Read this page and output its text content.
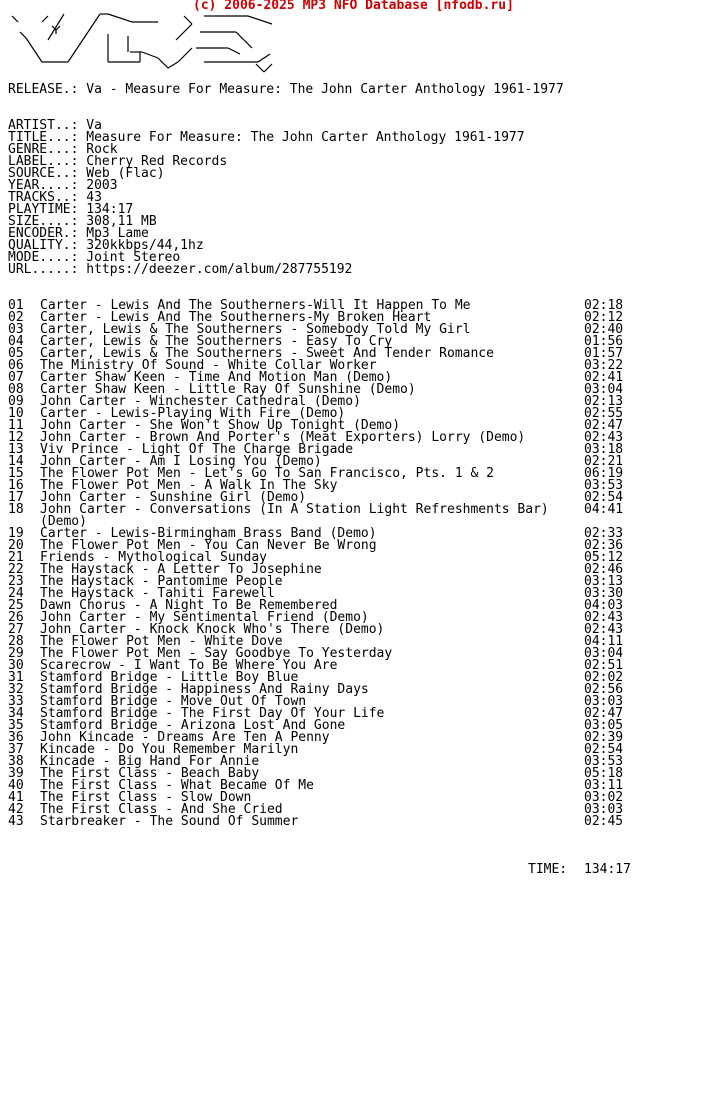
(c) 2006-2025 MP3 NFO Database [nfodb.ru]
RELEASE.: Va - Measure For Measure: The John Carter Anthology 1961-1977
ARTIST..: Va
TITLE...: Measure For Measure: The John Carter Anthology 1961-1977
GENRE...: Rock
LABEL...: Cherry Red Records
SOURCE..: Web (Flac)
YEAR....: 2003
TRACKS..: 43
PLAYTIME: 134:17
SIZE....: 308,11 MB
ENCODER.: Mp3 Lame
QUALITY.: 320kkbps/44,1hz
MODE....: Joint Stereo
URL.....: https://deezer.com/album/287755192
01 Carter - Lewis And The Southerners-Will It Happen To Me	02:18
02 Carter - Lewis And The Southerners-My Broken Heart	02:12
03 Carter, Lewis & The Southerners - Somebody Told My Girl	02:40
04 Carter, Lewis & The Southerners - Easy To Cry	01:56
05 Carter, Lewis & The Southerners - Sweet And Tender Romance	01:57
06 The Ministry Of Sound - White Collar Worker	03:22
07 Carter Shaw Keen - Time And Motion Man (Demo)	02:41
08 Carter Shaw Keen - Little Ray Of Sunshine (Demo)	03:04
09 John Carter - Winchester Cathedral (Demo)	02:13
10 Carter - Lewis-Playing With Fire (Demo)	02:55
11 John Carter - She Won't Show Up Tonight (Demo)	02:47
12 John Carter - Brown And Porter's (Meat Exporters) Lorry (Demo)	02:43
13 Viv Prince - Light Of The Charge Brigade	03:18
14 John Carter - Am I Losing You (Demo)	02:21
15 The Flower Pot Men - Let's Go To San Francisco, Pts. 1 & 2	06:19
16 The Flower Pot Men - A Walk In The Sky	03:53
17 John Carter - Sunshine Girl (Demo)	02:54
18 John Carter - Conversations (In A Station Light Refreshments Bar)	04:41
(Demo)
19 Carter - Lewis-Birmingham Brass Band (Demo)	02:33
20 The Flower Pot Men - You Can Never Be Wrong	02:36
21 Friends - Mythological Sunday	05:12
22 The Haystack - A Letter To Josephine	02:46
23 The Haystack - Pantomime People	03:13
24 The Haystack - Tahiti Farewell	03:30
25 Dawn Chorus - A Night To Be Remembered	04:03
26 John Carter - My Sentimental Friend (Demo)	02:43
27 John Carter - Knock Knock Who's There (Demo)	02:43
28 The Flower Pot Men - White Dove	04:11
29 The Flower Pot Men - Say Goodbye To Yesterday	03:04
30 Scarecrow - I Want To Be Where You Are	02:51
31 Stamford Bridge - Little Boy Blue	02:02
32 Stamford Bridge - Happiness And Rainy Days	02:56
33 Stamford Bridge - Move Out Of Town	03:03
34 Stamford Bridge - The First Day Of Your Life	02:47
35 Stamford Bridge - Arizona Lost And Gone	03:05
36 John Kincade - Dreams Are Ten A Penny	02:39
37 Kincade - Do You Remember Marilyn	02:54
38 Kincade - Big Hand For Annie	03:53
39 The First Class - Beach Baby	05:18
40 The First Class - What Became Of Me	03:11
41 The First Class - Slow Down	03:02
42 The First Class - And She Cried	03:03
43 Starbreaker - The Sound Of Summer	02:45
TIME: 134:17
